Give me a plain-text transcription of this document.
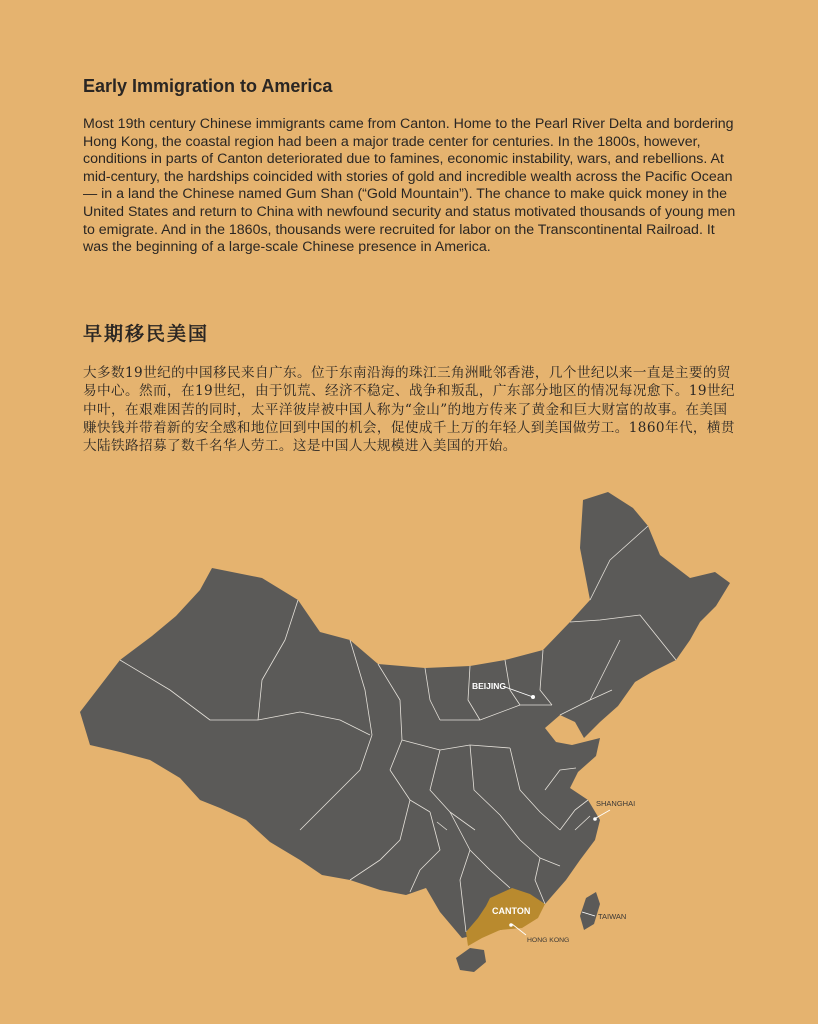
Early Immigration to America

Most 19th century Chinese immigrants came from Canton. Home to the Pearl River Delta and bordering Hong Kong, the coastal region had been a major trade center for centuries. In the 1800s, however, conditions in parts of Canton deteriorated due to famines, economic instability, wars, and rebellions. At mid-century, the hardships coincided with stories of gold and incredible wealth across the Pacific Ocean — in a land the Chinese named Gum Shan (“Gold Mountain”). The chance to make quick money in the United States and return to China with newfound security and status motivated thousands of young men to emigrate. And in the 1860s, thousands were recruited for labor on the Transcontinental Railroad. It was the beginning of a large-scale Chinese presence in America.

早期移民美国

大多数19世纪的中国移民来自广东。位于东南沿海的珠江三角洲毗邻香港，几个世纪以来一直是主要的贸易中心。然而，在19世纪，由于饥荒、经济不稳定、战争和叛乱，广东部分地区的情况每况愈下。19世纪中叶，在艰难困苦的同时，太平洋彼岸被中国人称为“金山”的地方传来了黄金和巨大财富的故事。在美国赚快钱并带着新的安全感和地位回到中国的机会，促使成千上万的年轻人到美国做劳工。1860年代，横贯大陆铁路招募了数千名华人劳工。这是中国人大规模进入美国的开始。

BEIJING
SHANGHAI
CANTON
HONG KONG
TAIWAN
